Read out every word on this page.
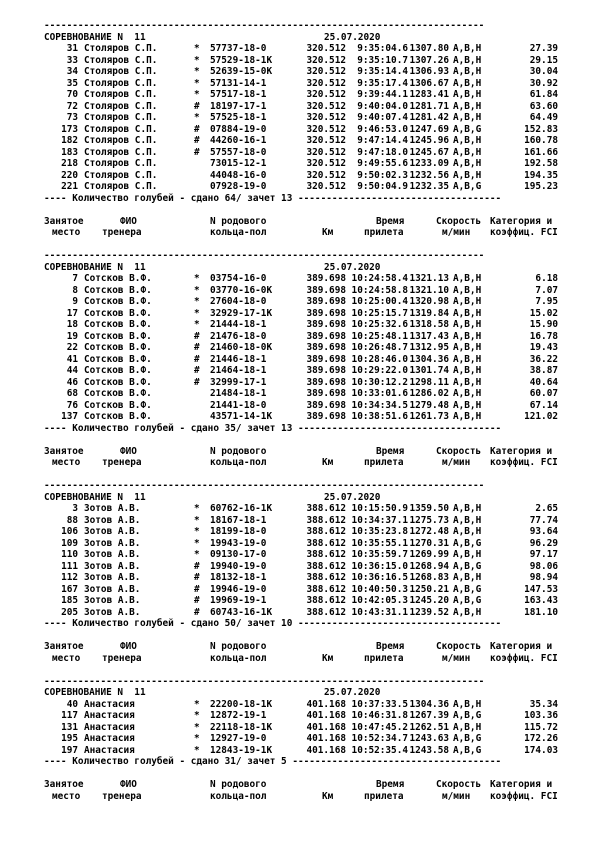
------------------------------------------------------------------------------
СОРЕВНОВАНИЕ N  11	25.07.2020
31 Столяров С.П.	* 57737-18-0	320.512 9:35:04.6 1307.80 A,B,H	27.39
33 Столяров С.П.	* 57529-18-1K	320.512 9:35:10.7 1307.26 A,B,H	29.15
34 Столяров С.П.	* 52639-15-0K	320.512 9:35:14.4 1306.93 A,B,H	30.04
35 Столяров С.П.	* 57131-14-1	320.512 9:35:17.4 1306.67 A,B,H	30.92
70 Столяров С.П.	* 57517-18-1	320.512 9:39:44.1 1283.41 A,B,H	61.84
72 Столяров С.П.	# 18197-17-1	320.512 9:40:04.0 1281.71 A,B,H	63.60
73 Столяров С.П.	* 57525-18-1	320.512 9:40:07.4 1281.42 A,B,H	64.49
173 Столяров С.П.	# 07884-19-0	320.512 9:46:53.0 1247.69 A,B,G	152.83
182 Столяров С.П.	# 44260-16-1	320.512 9:47:14.4 1245.96 A,B,H	160.78
183 Столяров С.П.	# 57557-18-0	320.512 9:47:18.0 1245.67 A,B,H	161.66
218 Столяров С.П.	73015-12-1	320.512 9:49:55.6 1233.09 A,B,H	192.58
220 Столяров С.П.	44048-16-0	320.512 9:50:02.3 1232.56 A,B,H	194.35
221 Столяров С.П.	07928-19-0	320.512 9:50:04.9 1232.35 A,B,G	195.23
---- Количество голубей - сдано 64/ зачет 13 ------------------------------------
Занятое	ФИО	N родового	Время	Скорость Категория и
место тренера	кольца-пол	Км	прилета	м/мин коэффиц. FCI
------------------------------------------------------------------------------
СОРЕВНОВАНИЕ N  11	25.07.2020
7 Сотсков В.Ф.	* 03754-16-0	389.698 10:24:58.4 1321.13 A,B,H	6.18
8 Сотсков В.Ф.	* 03770-16-0K	389.698 10:24:58.8 1321.10 A,B,H	7.07
9 Сотсков В.Ф.	* 27604-18-0	389.698 10:25:00.4 1320.98 A,B,H	7.95
17 Сотсков В.Ф.	* 32929-17-1K	389.698 10:25:15.7 1319.84 A,B,H	15.02
18 Сотсков В.Ф.	* 21444-18-1	389.698 10:25:32.6 1318.58 A,B,H	15.90
19 Сотсков В.Ф.	# 21476-18-0	389.698 10:25:48.1 1317.43 A,B,H	16.78
22 Сотсков В.Ф.	# 21460-18-0K	389.698 10:26:48.7 1312.95 A,B,H	19.43
41 Сотсков В.Ф.	# 21446-18-1	389.698 10:28:46.0 1304.36 A,B,H	36.22
44 Сотсков В.Ф.	# 21464-18-1	389.698 10:29:22.0 1301.74 A,B,H	38.87
46 Сотсков В.Ф.	# 32999-17-1	389.698 10:30:12.2 1298.11 A,B,H	40.64
68 Сотсков В.Ф.	21484-18-1	389.698 10:33:01.6 1286.02 A,B,H	60.07
76 Сотсков В.Ф.	21441-18-0	389.698 10:34:34.5 1279.48 A,B,H	67.14
137 Сотсков В.Ф.	43571-14-1K	389.698 10:38:51.6 1261.73 A,B,H	121.02
---- Количество голубей - сдано 35/ зачет 13 ------------------------------------
Занятое	ФИО	N родового	Время	Скорость Категория и
место тренера	кольца-пол	Км	прилета	м/мин коэффиц. FCI
------------------------------------------------------------------------------
СОРЕВНОВАНИЕ N  11	25.07.2020
3 Зотов А.В.	* 60762-16-1K	388.612 10:15:50.9 1359.50 A,B,H	2.65
88 Зотов А.В.	* 18167-18-1	388.612 10:34:37.1 1275.73 A,B,H	77.74
106 Зотов А.В.	* 18199-18-0	388.612 10:35:23.8 1272.48 A,B,H	93.64
109 Зотов А.В.	* 19943-19-0	388.612 10:35:55.1 1270.31 A,B,G	96.29
110 Зотов А.В.	* 09130-17-0	388.612 10:35:59.7 1269.99 A,B,H	97.17
111 Зотов А.В.	# 19940-19-0	388.612 10:36:15.0 1268.94 A,B,G	98.06
112 Зотов А.В.	# 18132-18-1	388.612 10:36:16.5 1268.83 A,B,H	98.94
167 Зотов А.В.	# 19946-19-0	388.612 10:40:50.3 1250.21 A,B,G	147.53
185 Зотов А.В.	# 19969-19-1	388.612 10:42:05.3 1245.20 A,B,G	163.43
205 Зотов А.В.	# 60743-16-1K	388.612 10:43:31.1 1239.52 A,B,H	181.10
---- Количество голубей - сдано 50/ зачет 10 ------------------------------------
Занятое	ФИО	N родового	Время	Скорость Категория и
место тренера	кольца-пол	Км	прилета	м/мин коэффиц. FCI
------------------------------------------------------------------------------
СОРЕВНОВАНИЕ N  11	25.07.2020
40 Анастасия	* 22200-18-1K	401.168 10:37:33.5 1304.36 A,B,H	35.34
117 Анастасия	* 12872-19-1	401.168 10:46:31.8 1267.39 A,B,G	103.36
131 Анастасия	* 22118-18-1K	401.168 10:47:45.2 1262.51 A,B,H	115.72
195 Анастасия	* 12927-19-0	401.168 10:52:34.7 1243.63 A,B,G	172.26
197 Анастасия	* 12843-19-1K	401.168 10:52:35.4 1243.58 A,B,G	174.03
---- Количество голубей - сдано 31/ зачет 5 -------------------------------------
Занятое	ФИО	N родового	Время	Скорость Категория и
место тренера	кольца-пол	Км	прилета	м/мин коэффиц. FCI
